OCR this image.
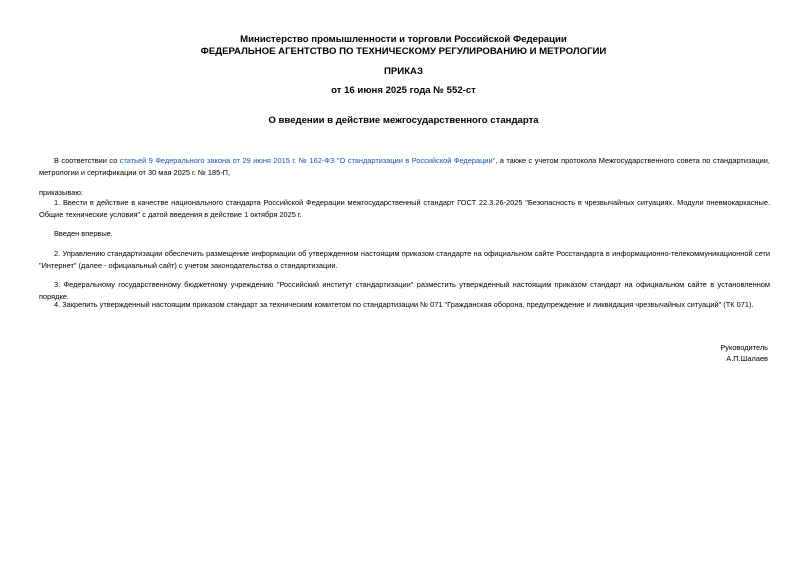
Министерство промышленности и торговли Российской Федерации
ФЕДЕРАЛЬНОЕ АГЕНТСТВО ПО ТЕХНИЧЕСКОМУ РЕГУЛИРОВАНИЮ И МЕТРОЛОГИИ
ПРИКАЗ
от 16 июня 2025 года № 552-ст
О введении в действие межгосударственного стандарта
В соответствии со статьей 9 Федерального закона от 29 июня 2015 г. № 162-ФЗ "О стандартизации в Российской Федерации", а также с учетом протокола Межгосударственного совета по стандартизации, метрологии и сертификации от 30 мая 2025 г. № 185-П,
приказываю:
1. Ввести в действие в качестве национального стандарта Российской Федерации межгосударственный стандарт ГОСТ 22.3.26-2025 "Безопасность в чрезвычайных ситуациях. Модули пневмокаркасные. Общие технические условия" с датой введения в действие 1 октября 2025 г.
Введен впервые.
2. Управлению стандартизации обеспечить размещение информации об утвержденном настоящим приказом стандарте на официальном сайте Росстандарта в информационно-телекоммуникационной сети "Интернет" (далее - официальный сайт) с учетом законодательства о стандартизации.
3. Федеральному государственному бюджетному учреждению "Российский институт стандартизации" разместить утвержденный настоящим приказом стандарт на официальном сайте в установленном порядке.
4. Закрепить утвержденный настоящим приказом стандарт за техническим комитетом по стандартизации № 071 "Гражданская оборона, предупреждение и ликвидация чрезвычайных ситуаций" (ТК 071).
Руководитель
А.П.Шалаев
